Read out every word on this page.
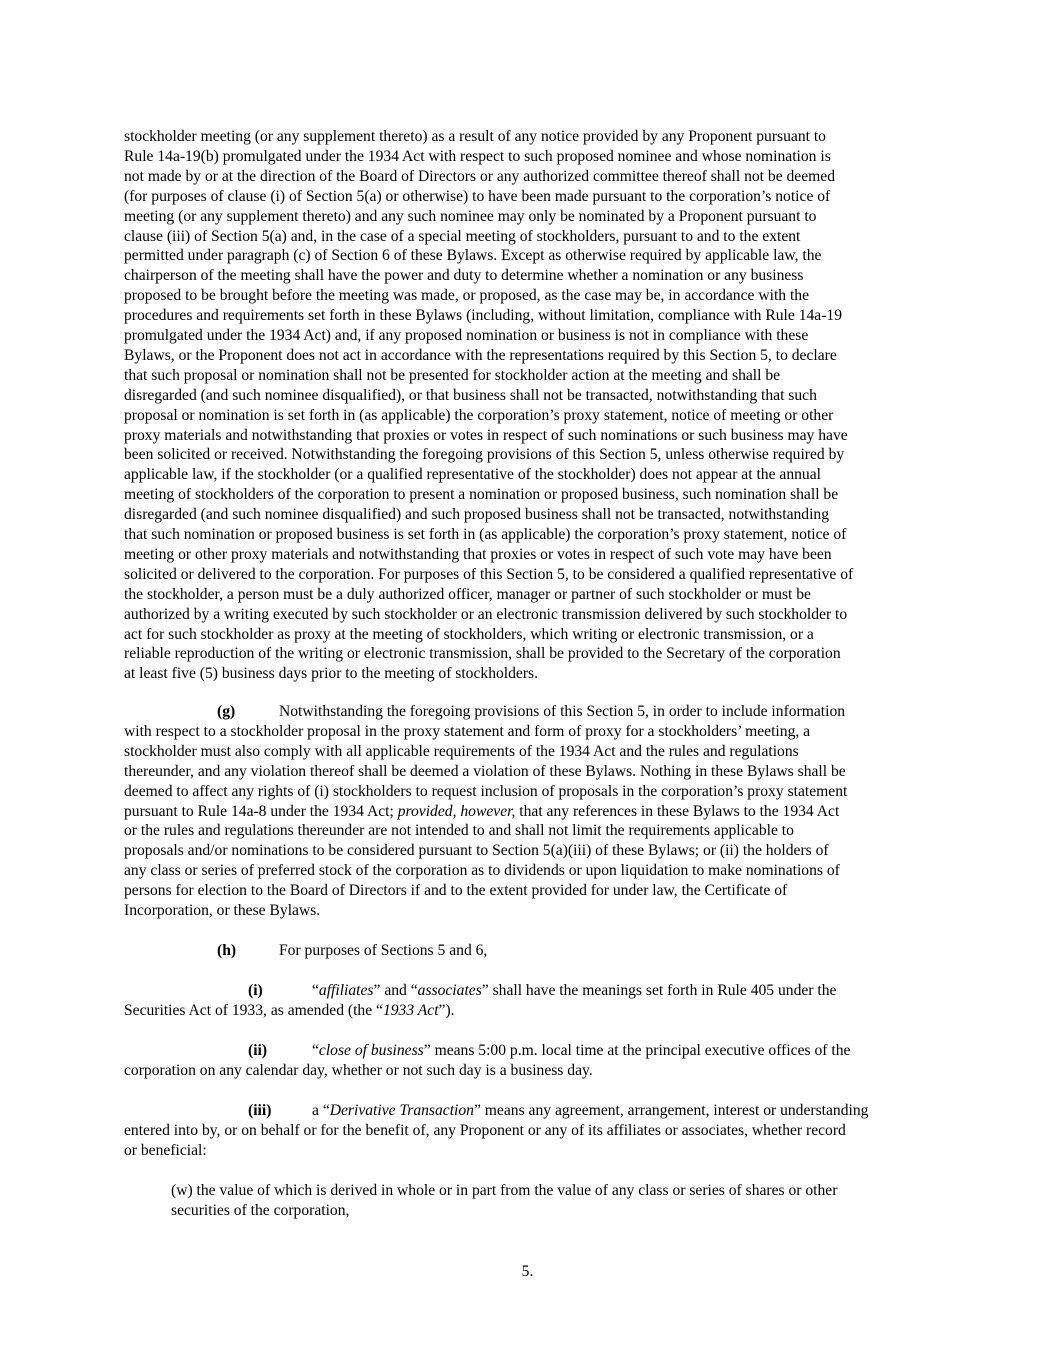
stockholder meeting (or any supplement thereto) as a result of any notice provided by any Proponent pursuant to
Rule 14a-19(b) promulgated under the 1934 Act with respect to such proposed nominee and whose nomination is
not made by or at the direction of the Board of Directors or any authorized committee thereof shall not be deemed
(for purposes of clause (i) of Section 5(a) or otherwise) to have been made pursuant to the corporation’s notice of
meeting (or any supplement thereto) and any such nominee may only be nominated by a Proponent pursuant to
clause (iii) of Section 5(a) and, in the case of a special meeting of stockholders, pursuant to and to the extent
permitted under paragraph (c) of Section 6 of these Bylaws. Except as otherwise required by applicable law, the
chairperson of the meeting shall have the power and duty to determine whether a nomination or any business
proposed to be brought before the meeting was made, or proposed, as the case may be, in accordance with the
procedures and requirements set forth in these Bylaws (including, without limitation, compliance with Rule 14a-19
promulgated under the 1934 Act) and, if any proposed nomination or business is not in compliance with these
Bylaws, or the Proponent does not act in accordance with the representations required by this Section 5, to declare
that such proposal or nomination shall not be presented for stockholder action at the meeting and shall be
disregarded (and such nominee disqualified), or that business shall not be transacted, notwithstanding that such
proposal or nomination is set forth in (as applicable) the corporation’s proxy statement, notice of meeting or other
proxy materials and notwithstanding that proxies or votes in respect of such nominations or such business may have
been solicited or received. Notwithstanding the foregoing provisions of this Section 5, unless otherwise required by
applicable law, if the stockholder (or a qualified representative of the stockholder) does not appear at the annual
meeting of stockholders of the corporation to present a nomination or proposed business, such nomination shall be
disregarded (and such nominee disqualified) and such proposed business shall not be transacted, notwithstanding
that such nomination or proposed business is set forth in (as applicable) the corporation’s proxy statement, notice of
meeting or other proxy materials and notwithstanding that proxies or votes in respect of such vote may have been
solicited or delivered to the corporation. For purposes of this Section 5, to be considered a qualified representative of
the stockholder, a person must be a duly authorized officer, manager or partner of such stockholder or must be
authorized by a writing executed by such stockholder or an electronic transmission delivered by such stockholder to
act for such stockholder as proxy at the meeting of stockholders, which writing or electronic transmission, or a
reliable reproduction of the writing or electronic transmission, shall be provided to the Secretary of the corporation
at least five (5) business days prior to the meeting of stockholders.
(g)	Notwithstanding the foregoing provisions of this Section 5, in order to include information
with respect to a stockholder proposal in the proxy statement and form of proxy for a stockholders’ meeting, a
stockholder must also comply with all applicable requirements of the 1934 Act and the rules and regulations
thereunder, and any violation thereof shall be deemed a violation of these Bylaws. Nothing in these Bylaws shall be
deemed to affect any rights of (i) stockholders to request inclusion of proposals in the corporation’s proxy statement
pursuant to Rule 14a-8 under the 1934 Act; provided, however, that any references in these Bylaws to the 1934 Act
or the rules and regulations thereunder are not intended to and shall not limit the requirements applicable to
proposals and/or nominations to be considered pursuant to Section 5(a)(iii) of these Bylaws; or (ii) the holders of
any class or series of preferred stock of the corporation as to dividends or upon liquidation to make nominations of
persons for election to the Board of Directors if and to the extent provided for under law, the Certificate of
Incorporation, or these Bylaws.
(h)	For purposes of Sections 5 and 6,
(i)	“affiliates” and “associates” shall have the meanings set forth in Rule 405 under the
Securities Act of 1933, as amended (the “1933 Act”).
(ii)	“close of business” means 5:00 p.m. local time at the principal executive offices of the
corporation on any calendar day, whether or not such day is a business day.
(iii)	a “Derivative Transaction” means any agreement, arrangement, interest or understanding
entered into by, or on behalf or for the benefit of, any Proponent or any of its affiliates or associates, whether record
or beneficial:
(w) the value of which is derived in whole or in part from the value of any class or series of shares or other
securities of the corporation,
5.
